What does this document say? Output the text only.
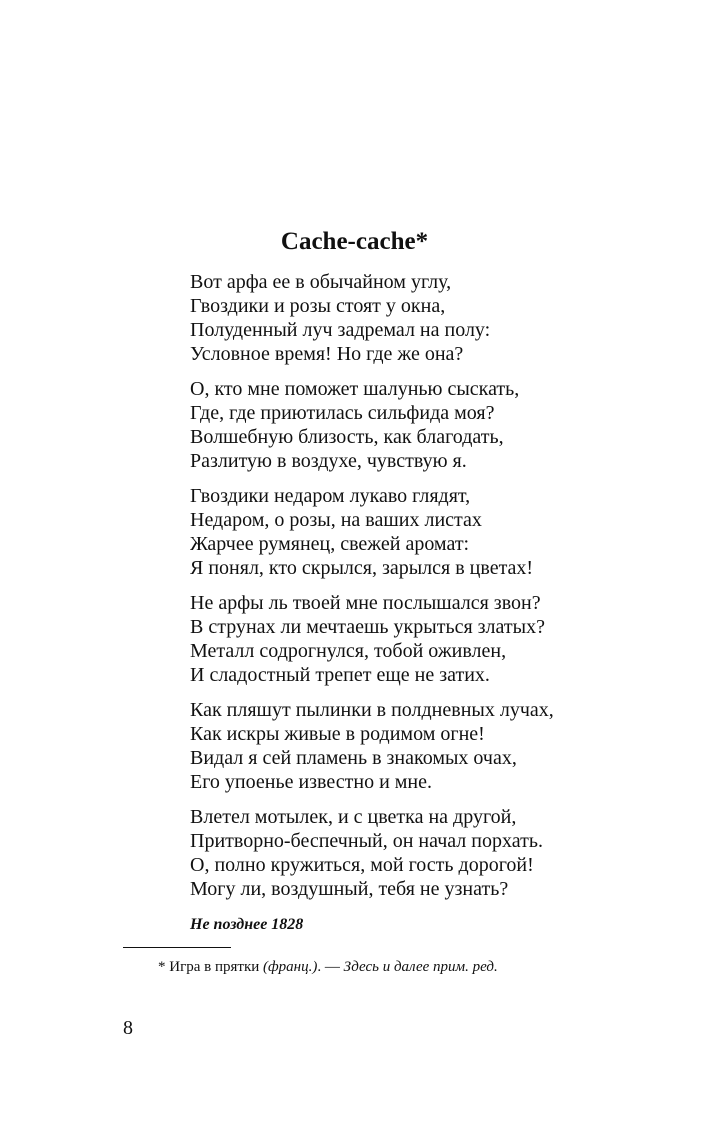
Cache-cache*
Вот арфа ее в обычайном углу,
Гвоздики и розы стоят у окна,
Полуденный луч задремал на полу:
Условное время! Но где же она?
О, кто мне поможет шалунью сыскать,
Где, где приютилась сильфида моя?
Волшебную близость, как благодать,
Разлитую в воздухе, чувствую я.
Гвоздики недаром лукаво глядят,
Недаром, о розы, на ваших листах
Жарчее румянец, свежей аромат:
Я понял, кто скрылся, зарылся в цветах!
Не арфы ль твоей мне послышался звон?
В струнах ли мечтаешь укрыться златых?
Металл содрогнулся, тобой оживлен,
И сладостный трепет еще не затих.
Как пляшут пылинки в полдневных лучах,
Как искры живые в родимом огне!
Видал я сей пламень в знакомых очах,
Его упоенье известно и мне.
Влетел мотылек, и с цветка на другой,
Притворно-беспечный, он начал порхать.
О, полно кружиться, мой гость дорогой!
Могу ли, воздушный, тебя не узнать?
Не позднее 1828
* Игра в прятки (франц.). — Здесь и далее прим. ред.
8
